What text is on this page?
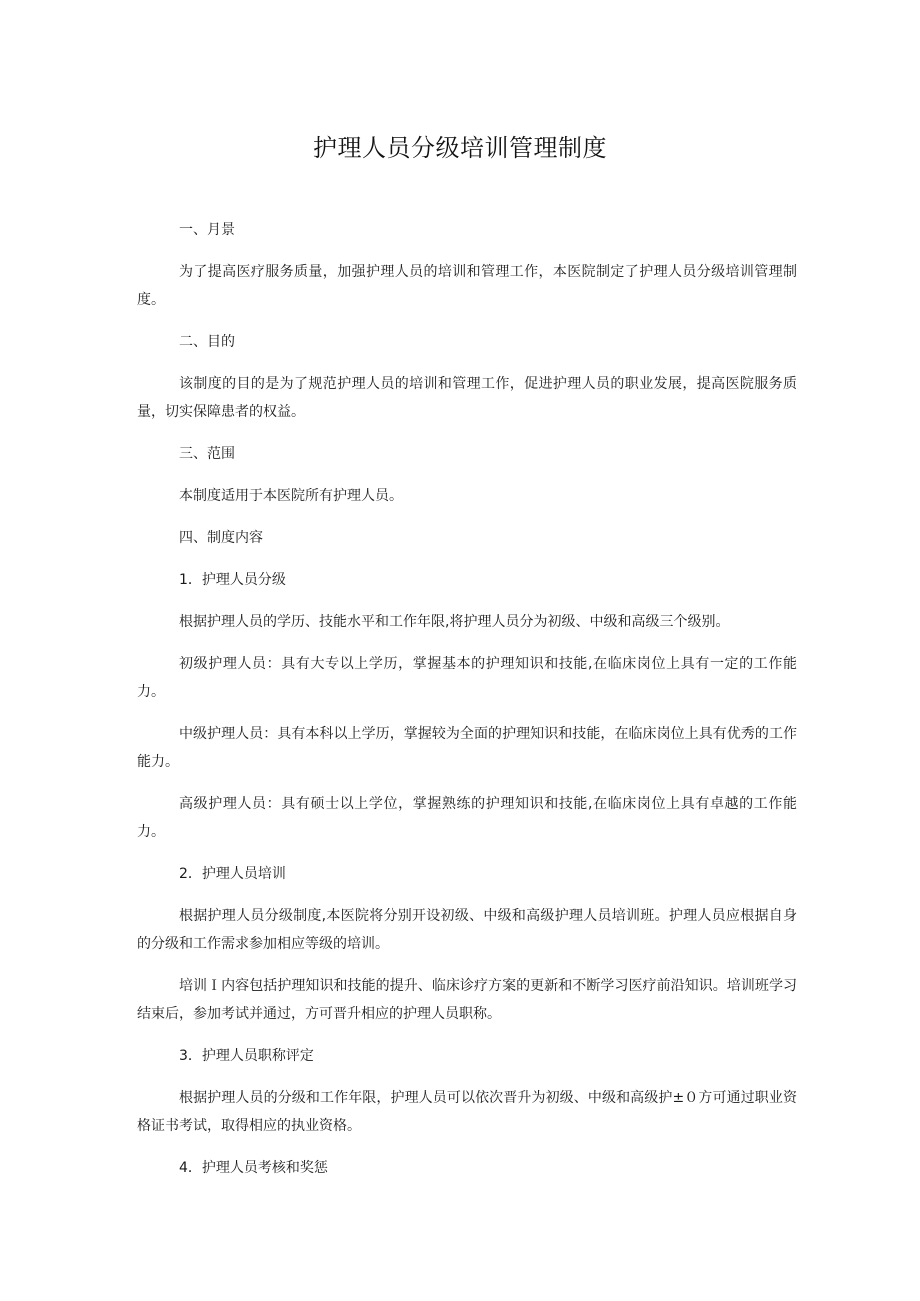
护理人员分级培训管理制度

一、月景

为了提高医疗服务质量，加强护理人员的培训和管理工作，本医院制定了护理人员分级培训管理制度。

二、目的

该制度的目的是为了规范护理人员的培训和管理工作，促进护理人员的职业发展，提高医院服务质量，切实保障患者的权益。

三、范围

本制度适用于本医院所有护理人员。

四、制度内容

1．护理人员分级

根据护理人员的学历、技能水平和工作年限,将护理人员分为初级、中级和高级三个级别。

初级护理人员：具有大专以上学历，掌握基本的护理知识和技能,在临床岗位上具有一定的工作能力。

中级护理人员：具有本科以上学历，掌握较为全面的护理知识和技能，在临床岗位上具有优秀的工作能力。

高级护理人员：具有硕士以上学位，掌握熟练的护理知识和技能,在临床岗位上具有卓越的工作能力。

2．护理人员培训

根据护理人员分级制度,本医院将分别开设初级、中级和高级护理人员培训班。护理人员应根据自身的分级和工作需求参加相应等级的培训。

培训Ｉ内容包括护理知识和技能的提升、临床诊疗方案的更新和不断学习医疗前沿知识。培训班学习结束后，参加考试并通过，方可晋升相应的护理人员职称。

3．护理人员职称评定

根据护理人员的分级和工作年限，护理人员可以依次晋升为初级、中级和高级护±０方可通过职业资格证书考试，取得相应的执业资格。

4．护理人员考核和奖惩
